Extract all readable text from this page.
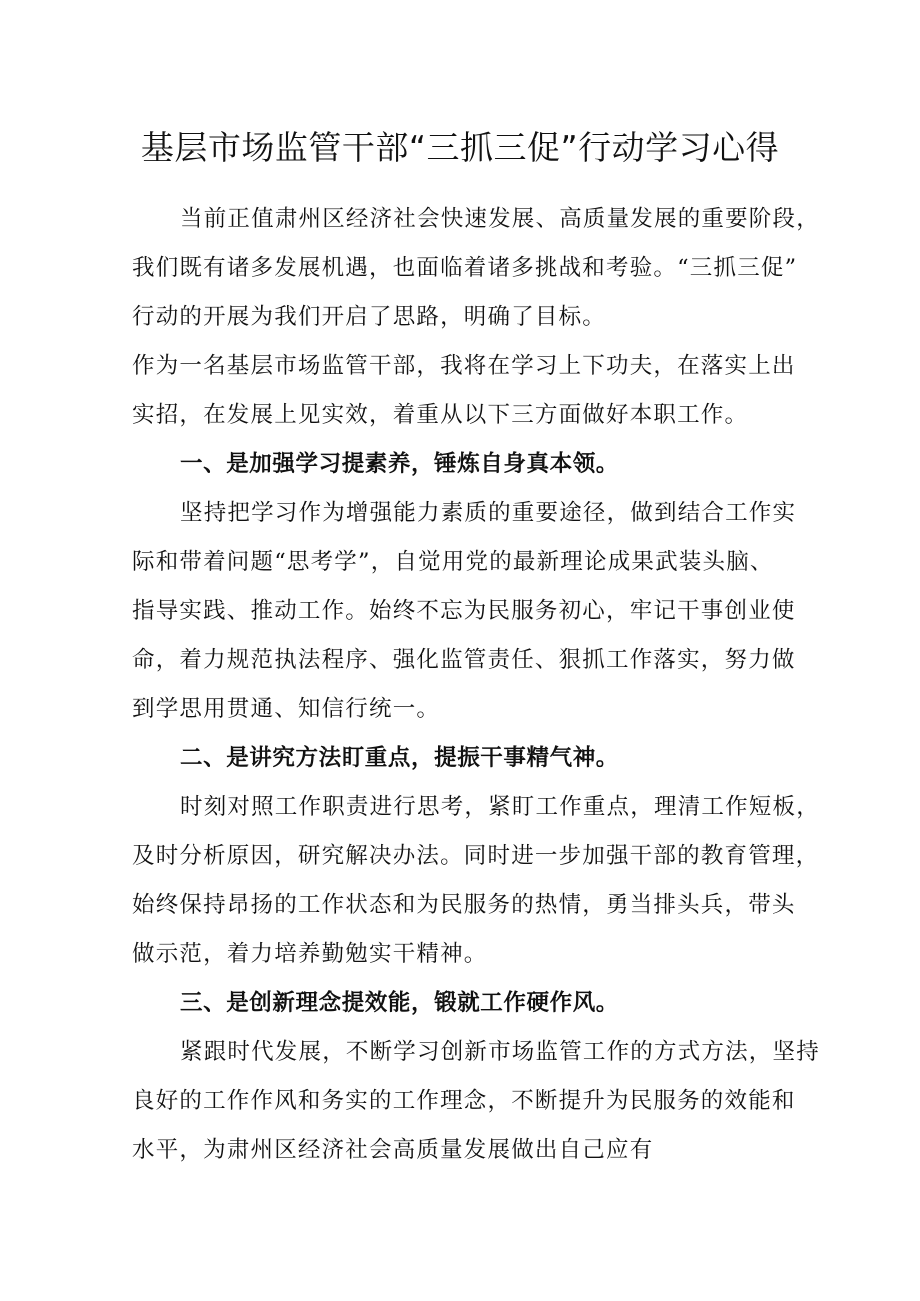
基层市场监管干部“三抓三促”行动学习心得

当前正值肃州区经济社会快速发展、高质量发展的重要阶段，

我们既有诸多发展机遇，也面临着诸多挑战和考验。“三抓三促”

行动的开展为我们开启了思路，明确了目标。

作为一名基层市场监管干部，我将在学习上下功夫，在落实上出

实招，在发展上见实效，着重从以下三方面做好本职工作。

一、是加强学习提素养，锤炼自身真本领。

坚持把学习作为增强能力素质的重要途径，做到结合工作实

际和带着问题“思考学”，自觉用党的最新理论成果武装头脑、

指导实践、推动工作。始终不忘为民服务初心，牢记干事创业使

命，着力规范执法程序、强化监管责任、狠抓工作落实，努力做

到学思用贯通、知信行统一。

二、是讲究方法盯重点，提振干事精气神。

时刻对照工作职责进行思考，紧盯工作重点，理清工作短板，

及时分析原因，研究解决办法。同时进一步加强干部的教育管理，

始终保持昂扬的工作状态和为民服务的热情，勇当排头兵，带头

做示范，着力培养勤勉实干精神。

三、是创新理念提效能，锻就工作硬作风。

紧跟时代发展，不断学习创新市场监管工作的方式方法，坚持

良好的工作作风和务实的工作理念，不断提升为民服务的效能和

水平，为肃州区经济社会高质量发展做出自己应有
